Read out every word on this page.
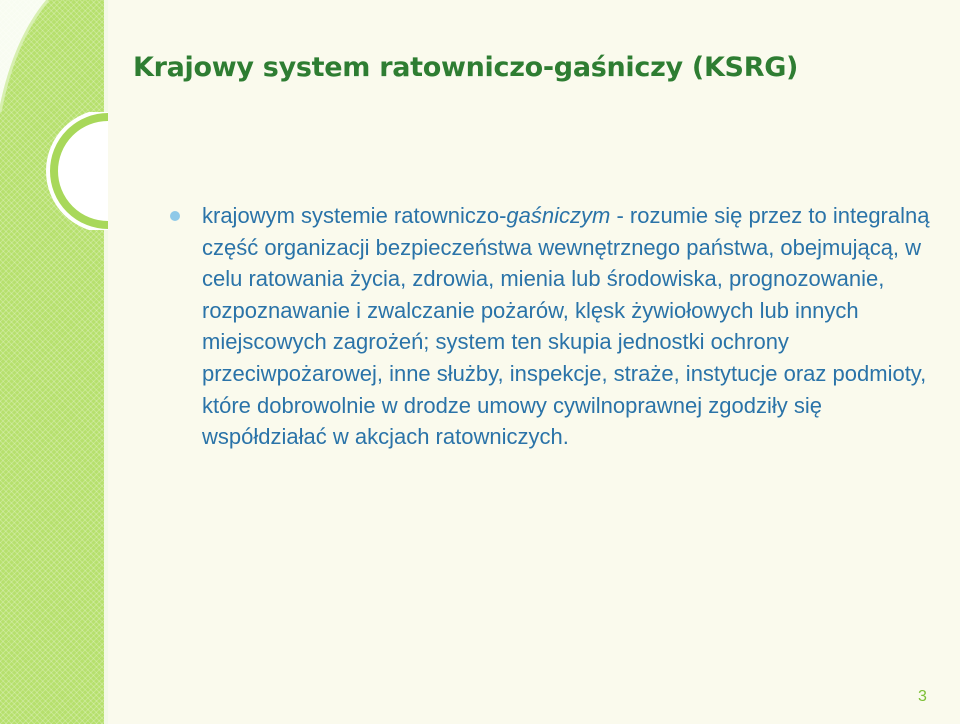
Krajowy system ratowniczo-gaśniczy (KSRG)

krajowym systemie ratowniczo-gaśniczym - rozumie się przez to integralną część organizacji bezpieczeństwa wewnętrznego państwa, obejmującą, w celu ratowania życia, zdrowia, mienia lub środowiska, prognozowanie, rozpoznawanie i zwalczanie pożarów, klęsk żywiołowych lub innych miejscowych zagrożeń; system ten skupia jednostki ochrony przeciwpożarowej, inne służby, inspekcje, straże, instytucje oraz podmioty, które dobrowolnie w drodze umowy cywilnoprawnej zgodziły się współdziałać w akcjach ratowniczych.

3
